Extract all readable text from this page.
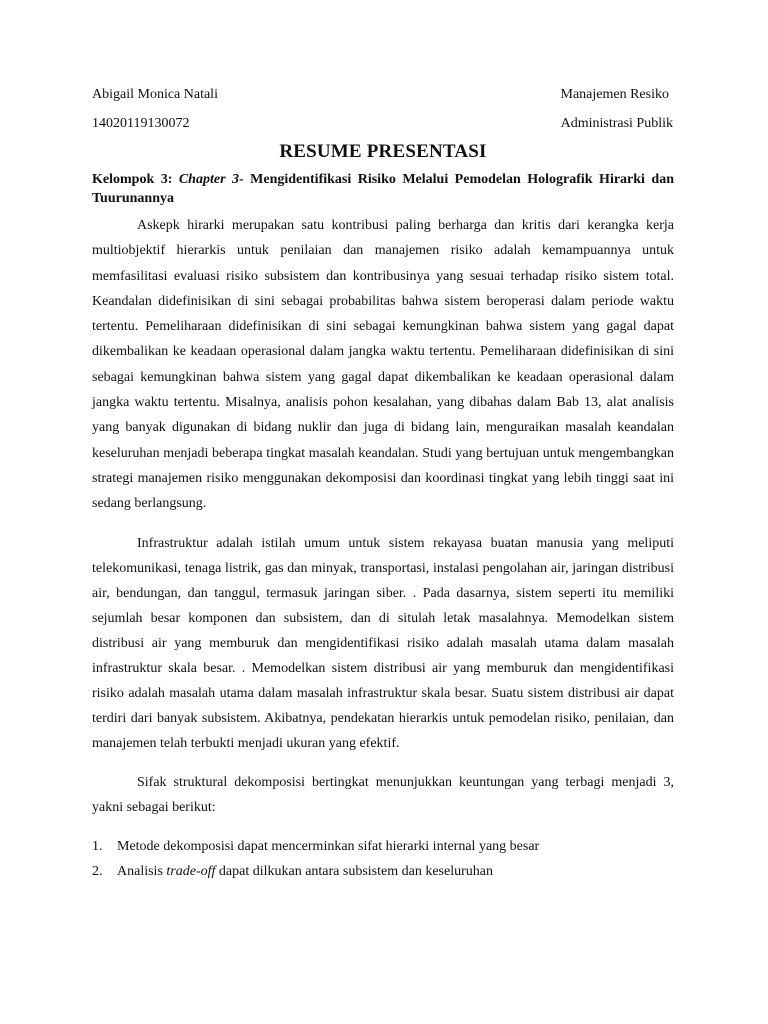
Abigail Monica Natali	Manajemen Resiko
14020119130072	Administrasi Publik
RESUME PRESENTASI
Kelompok 3: Chapter 3- Mengidentifikasi Risiko Melalui Pemodelan Holografik Hirarki dan Tuurunannya

Askepk hirarki merupakan satu kontribusi paling berharga dan kritis dari kerangka kerja multiobjektif hierarkis untuk penilaian dan manajemen risiko adalah kemampuannya untuk memfasilitasi evaluasi risiko subsistem dan kontribusinya yang sesuai terhadap risiko sistem total. Keandalan didefinisikan di sini sebagai probabilitas bahwa sistem beroperasi dalam periode waktu tertentu. Pemeliharaan didefinisikan di sini sebagai kemungkinan bahwa sistem yang gagal dapat dikembalikan ke keadaan operasional dalam jangka waktu tertentu. Pemeliharaan didefinisikan di sini sebagai kemungkinan bahwa sistem yang gagal dapat dikembalikan ke keadaan operasional dalam jangka waktu tertentu. Misalnya, analisis pohon kesalahan, yang dibahas dalam Bab 13, alat analisis yang banyak digunakan di bidang nuklir dan juga di bidang lain, menguraikan masalah keandalan keseluruhan menjadi beberapa tingkat masalah keandalan. Studi yang bertujuan untuk mengembangkan strategi manajemen risiko menggunakan dekomposisi dan koordinasi tingkat yang lebih tinggi saat ini sedang berlangsung.

Infrastruktur adalah istilah umum untuk sistem rekayasa buatan manusia yang meliputi telekomunikasi, tenaga listrik, gas dan minyak, transportasi, instalasi pengolahan air, jaringan distribusi air, bendungan, dan tanggul, termasuk jaringan siber. . Pada dasarnya, sistem seperti itu memiliki sejumlah besar komponen dan subsistem, dan di situlah letak masalahnya. Memodelkan sistem distribusi air yang memburuk dan mengidentifikasi risiko adalah masalah utama dalam masalah infrastruktur skala besar. . Memodelkan sistem distribusi air yang memburuk dan mengidentifikasi risiko adalah masalah utama dalam masalah infrastruktur skala besar. Suatu sistem distribusi air dapat terdiri dari banyak subsistem. Akibatnya, pendekatan hierarkis untuk pemodelan risiko, penilaian, dan manajemen telah terbukti menjadi ukuran yang efektif.

Sifak struktural dekomposisi bertingkat menunjukkan keuntungan yang terbagi menjadi 3, yakni sebagai berikut:

1.	Metode dekomposisi dapat mencerminkan sifat hierarki internal yang besar
2.	Analisis trade-off dapat dilkukan antara subsistem dan keseluruhan
